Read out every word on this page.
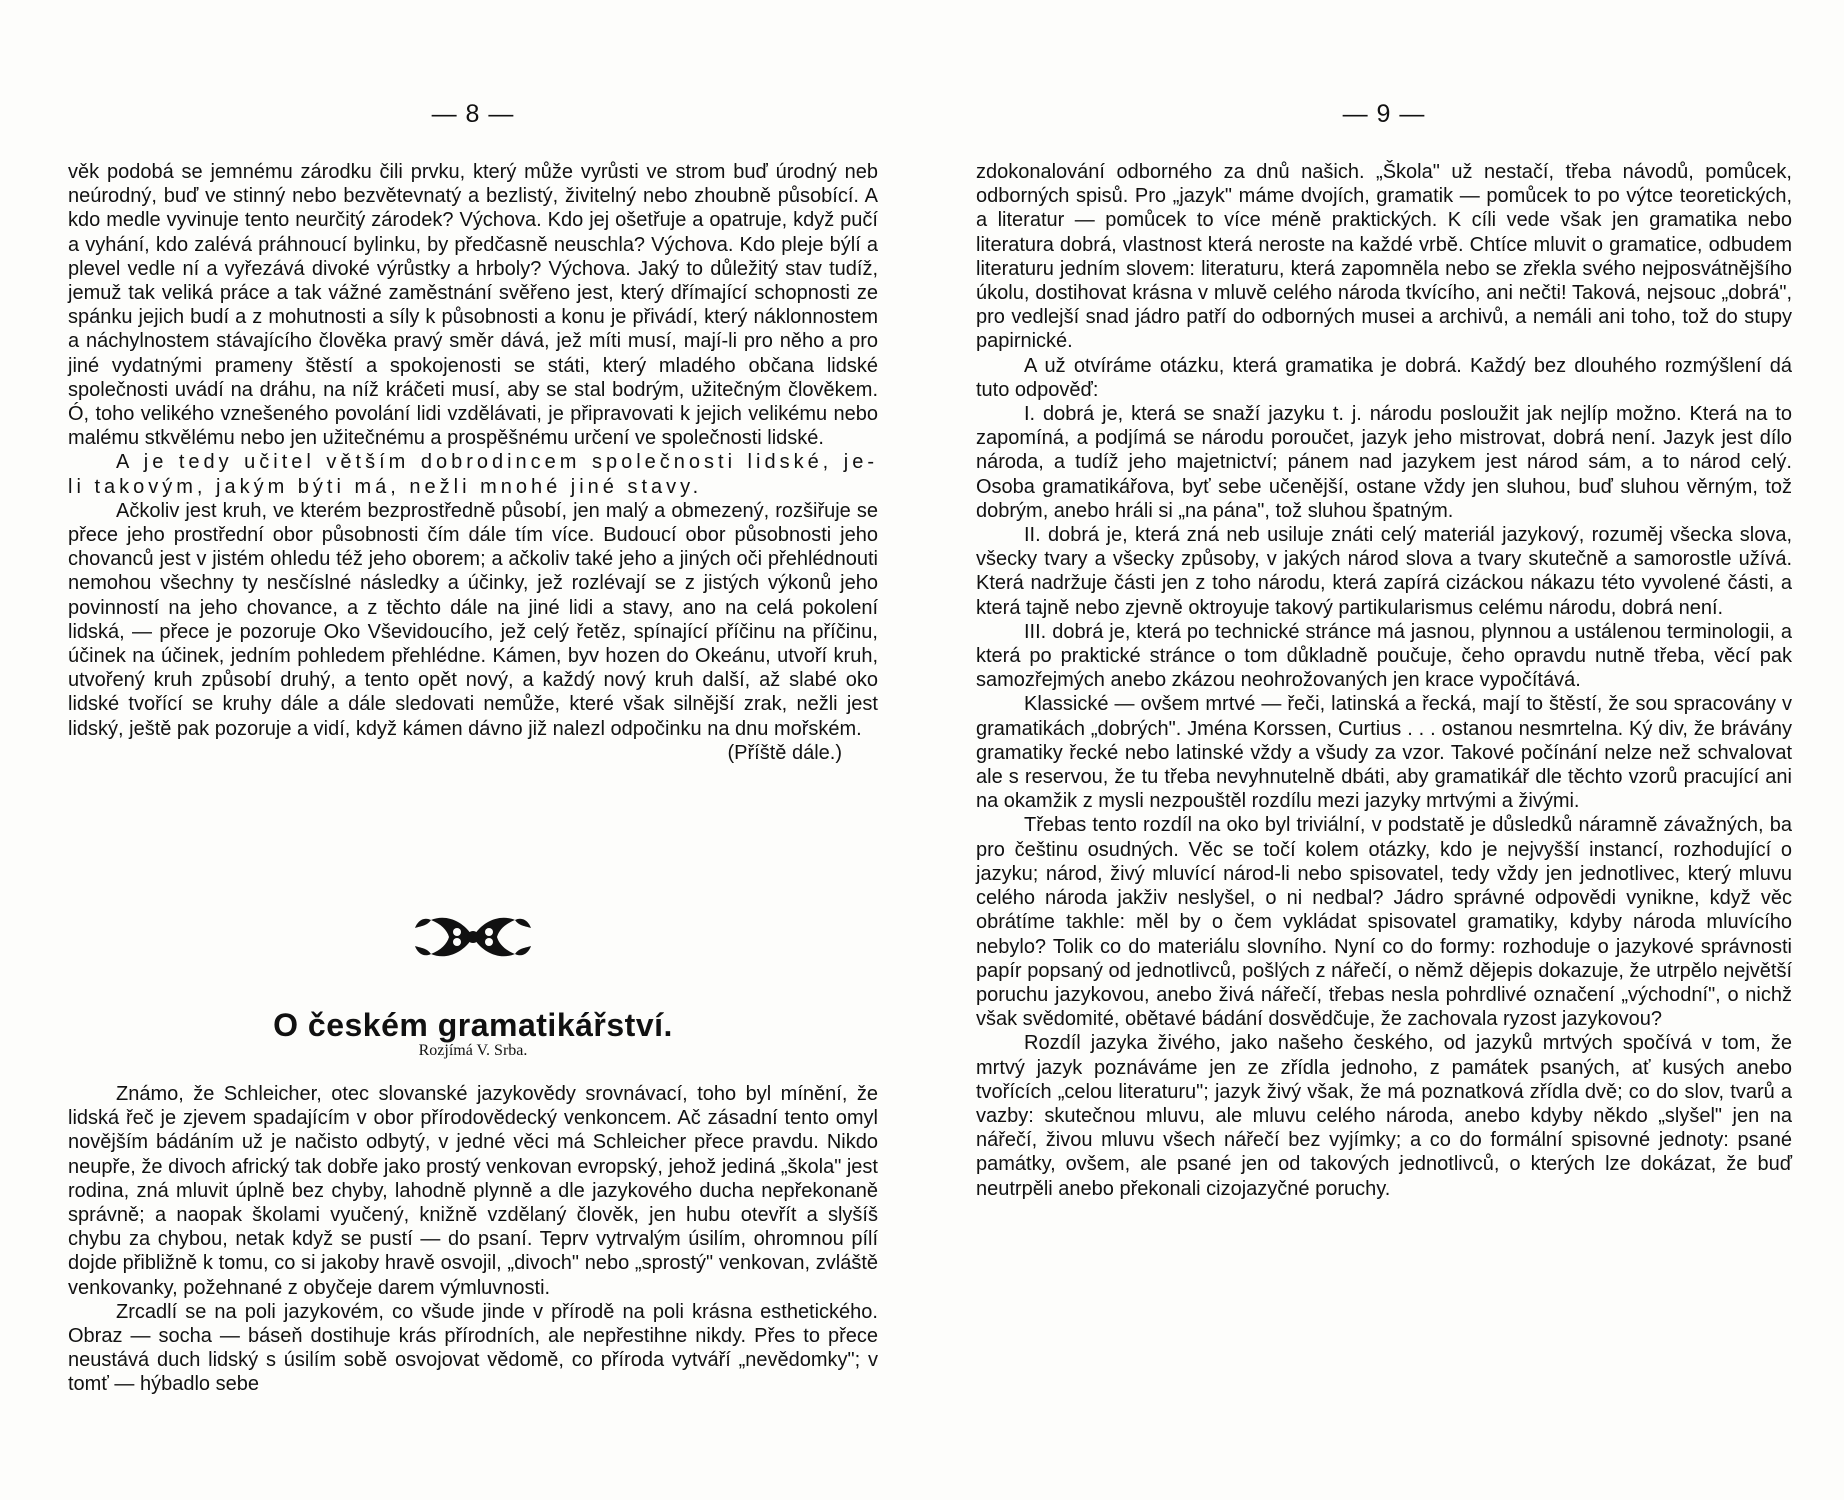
— 8 —

věk podobá se jemnému zárodku čili prvku, který může vyrůsti ve strom buď úrodný neb neúrodný, buď ve stinný nebo bezvětevnatý a bezlistý, živitelný nebo zhoubně působící. A kdo medle vyvinuje tento neurčitý zárodek? Výchova. Kdo jej ošetřuje a opatruje, když pučí a vyhání, kdo zalévá práhnoucí bylinku, by předčasně neuschla? Výchova. Kdo pleje býlí a plevel vedle ní a vyřezává divoké výrůstky a hrboly? Výchova. Jaký to důležitý stav tudíž, jemuž tak veliká práce a tak vážné zaměstnání svěřeno jest, který dřímající schopnosti ze spánku jejich budí a z mohutnosti a síly k působnosti a konu je přivádí, který náklonnostem a náchylnostem stávajícího člověka pravý směr dává, jež míti musí, mají-li pro něho a pro jiné vydatnými prameny štěstí a spokojenosti se státi, který mladého občana lidské společnosti uvádí na dráhu, na níž kráčeti musí, aby se stal bodrým, užitečným člověkem. Ó, toho velikého vznešeného povolání lidi vzdělávati, je připravovati k jejich velikému nebo malému stkvělému nebo jen užitečnému a prospěšnému určení ve společnosti lidské.

A je tedy učitel větším dobrodincem společnosti lidské, je-li takovým, jakým býti má, nežli mnohé jiné stavy.

Ačkoliv jest kruh, ve kterém bezprostředně působí, jen malý a obmezený, rozšiřuje se přece jeho prostřední obor působnosti čím dále tím více. Budoucí obor působnosti jeho chovanců jest v jistém ohledu též jeho oborem; a ačkoliv také jeho a jiných oči přehlédnouti nemohou všechny ty nesčíslné následky a účinky, jež rozlévají se z jistých výkonů jeho povinností na jeho chovance, a z těchto dále na jiné lidi a stavy, ano na celá pokolení lidská, — přece je pozoruje Oko Vševidoucího, jež celý řetěz, spínající příčinu na příčinu, účinek na účinek, jedním pohledem přehlédne. Kámen, byv hozen do Okeánu, utvoří kruh, utvořený kruh způsobí druhý, a tento opět nový, a každý nový kruh další, až slabé oko lidské tvořící se kruhy dále a dále sledovati nemůže, které však silnější zrak, nežli jest lidský, ještě pak pozoruje a vidí, když kámen dávno již nalezl odpočinku na dnu mořském.

(Příště dále.)

O českém gramatikářství.
Rozjímá V. Srba.

Známo, že Schleicher, otec slovanské jazykovědy srovnávací, toho byl mínění, že lidská řeč je zjevem spadajícím v obor přírodovědecký venkoncem. Ač zásadní tento omyl novějším bádáním už je načisto odbytý, v jedné věci má Schleicher přece pravdu. Nikdo neupře, že divoch africký tak dobře jako prostý venkovan evropský, jehož jediná „škola" jest rodina, zná mluvit úplně bez chyby, lahodně plynně a dle jazykového ducha nepřekonaně správně; a naopak školami vyučený, knižně vzdělaný člověk, jen hubu otevřít a slyšíš chybu za chybou, netak když se pustí — do psaní. Teprv vytrvalým úsilím, ohromnou pílí dojde přibližně k tomu, co si jakoby hravě osvojil, „divoch" nebo „sprostý" venkovan, zvláště venkovanky, požehnané z obyčeje darem výmluvnosti.

Zrcadlí se na poli jazykovém, co všude jinde v přírodě na poli krásna esthetického. Obraz — socha — báseň dostihuje krás přírodních, ale nepřestihne nikdy. Přes to přece neustává duch lidský s úsilím sobě osvojovat vědomě, co příroda vytváří „nevědomky"; v tomť — hýbadlo sebe

— 9 —

zdokonalování odborného za dnů našich. „Škola" už nestačí, třeba návodů, pomůcek, odborných spisů. Pro „jazyk" máme dvojích, gramatik — pomůcek to po výtce teoretických, a literatur — pomůcek to více méně praktických. K cíli vede však jen gramatika nebo literatura dobrá, vlastnost která neroste na každé vrbě. Chtíce mluvit o gramatice, odbudem literaturu jedním slovem: literaturu, která zapomněla nebo se zřekla svého nejposvátnějšího úkolu, dostihovat krásna v mluvě celého národa tkvícího, ani nečti! Taková, nejsouc „dobrá", pro vedlejší snad jádro patří do odborných musei a archivů, a nemáli ani toho, tož do stupy papirnické.

A už otvíráme otázku, která gramatika je dobrá. Každý bez dlouhého rozmýšlení dá tuto odpověď:

I. dobrá je, která se snaží jazyku t. j. národu posloužit jak nejlíp možno. Která na to zapomíná, a podjímá se národu poroučet, jazyk jeho mistrovat, dobrá není. Jazyk jest dílo národa, a tudíž jeho majetnictví; pánem nad jazykem jest národ sám, a to národ celý. Osoba gramatikářova, byť sebe učenější, ostane vždy jen sluhou, buď sluhou věrným, tož dobrým, anebo hráli si „na pána", tož sluhou špatným.

II. dobrá je, která zná neb usiluje znáti celý materiál jazykový, rozuměj všecka slova, všecky tvary a všecky způsoby, v jakých národ slova a tvary skutečně a samorostle užívá. Která nadržuje části jen z toho národu, která zapírá cizáckou nákazu této vyvolené části, a která tajně nebo zjevně oktroyuje takový partikularismus celému národu, dobrá není.

III. dobrá je, která po technické stránce má jasnou, plynnou a ustálenou terminologii, a která po praktické stránce o tom důkladně poučuje, čeho opravdu nutně třeba, věcí pak samozřejmých anebo zkázou neohrožovaných jen krace vypočítává.

Klassické — ovšem mrtvé — řeči, latinská a řecká, mají to štěstí, že sou spracovány v gramatikách „dobrých". Jména Korssen, Curtius . . . ostanou nesmrtelna. Ký div, že brávány gramatiky řecké nebo latinské vždy a všudy za vzor. Takové počínání nelze než schvalovat ale s reservou, že tu třeba nevyhnutelně dbáti, aby gramatikář dle těchto vzorů pracující ani na okamžik z mysli nezpouštěl rozdílu mezi jazyky mrtvými a živými.

Třebas tento rozdíl na oko byl triviální, v podstatě je důsledků náramně závažných, ba pro češtinu osudných. Věc se točí kolem otázky, kdo je nejvyšší instancí, rozhodující o jazyku; národ, živý mluvící národ-li nebo spisovatel, tedy vždy jen jednotlivec, který mluvu celého národa jakživ neslyšel, o ni nedbal? Jádro správné odpovědi vynikne, když věc obrátíme takhle: měl by o čem vykládat spisovatel gramatiky, kdyby národa mluvícího nebylo? Tolik co do materiálu slovního. Nyní co do formy: rozhoduje o jazykové správnosti papír popsaný od jednotlivců, pošlých z nářečí, o němž dějepis dokazuje, že utrpělo největší poruchu jazykovou, anebo živá nářečí, třebas nesla pohrdlivé označení „východní", o nichž však svědomité, obětavé bádání dosvědčuje, že zachovala ryzost jazykovou?

Rozdíl jazyka živého, jako našeho českého, od jazyků mrtvých spočívá v tom, že mrtvý jazyk poznáváme jen ze zřídla jednoho, z památek psaných, ať kusých anebo tvořících „celou literaturu"; jazyk živý však, že má poznatková zřídla dvě; co do slov, tvarů a vazby: skutečnou mluvu, ale mluvu celého národa, anebo kdyby někdo „slyšel" jen na nářečí, živou mluvu všech nářečí bez vyjímky; a co do formální spisovné jednoty: psané památky, ovšem, ale psané jen od takových jednotlivců, o kterých lze dokázat, že buď neutrpěli anebo překonali cizojazyčné poruchy.
